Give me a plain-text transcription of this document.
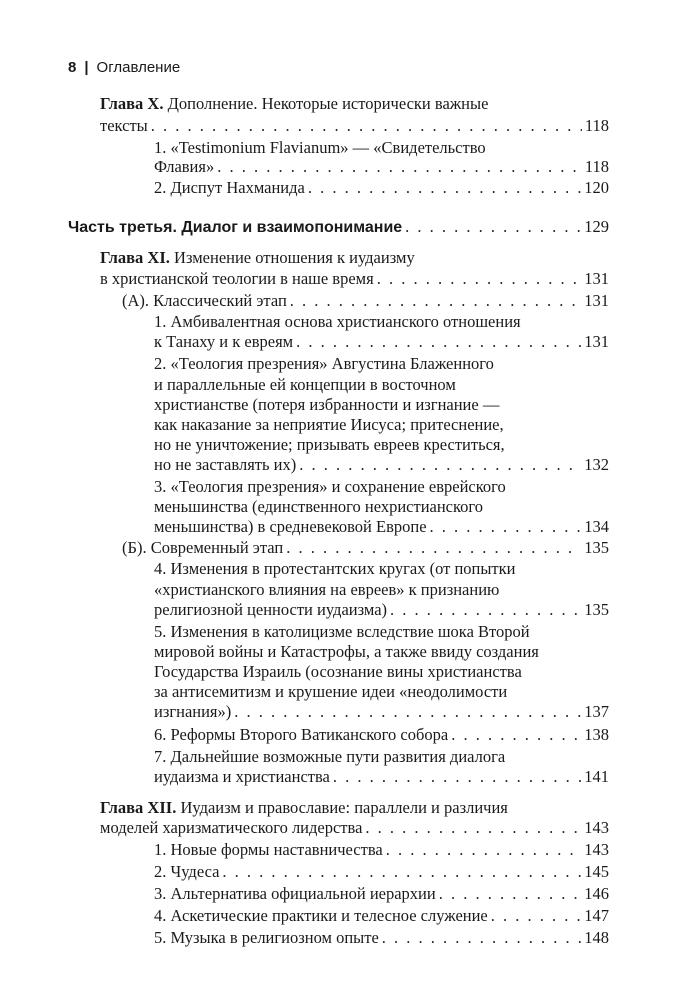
8 | Оглавление
Глава X. Дополнение. Некоторые исторически важные
тексты . . .	118
1. «Testimonium Flavianum» — «Свидетельство
Флавия» . . .	118
2. Диспут Нахманида . . .	120
Часть третья. Диалог и взаимопонимание . . .	129
Глава XI. Изменение отношения к иудаизму
в христианской теологии в наше время . . .	131
(А). Классический этап . . .	131
1. Амбивалентная основа христианского отношения
к Танаху и к евреям . . .	131
2. «Теология презрения» Августина Блаженного
и параллельные ей концепции в восточном
христианстве (потеря избранности и изгнание —
как наказание за неприятие Иисуса; притеснение,
но не уничтожение; призывать евреев креститься,
но не заставлять их) . . .	132
3. «Теология презрения» и сохранение еврейского
меньшинства (единственного нехристианского
меньшинства) в средневековой Европе . . .	134
(Б). Современный этап . . .	135
4. Изменения в протестантских кругах (от попытки
«христианского влияния на евреев» к признанию
религиозной ценности иудаизма) . . .	135
5. Изменения в католицизме вследствие шока Второй
мировой войны и Катастрофы, а также ввиду создания
Государства Израиль (осознание вины христианства
за антисемитизм и крушение идеи «неодолимости
изгнания») . . .	137
6. Реформы Второго Ватиканского собора . . .	138
7. Дальнейшие возможные пути развития диалога
иудаизма и христианства . . .	141
Глава XII. Иудаизм и православие: параллели и различия
моделей харизматического лидерства . . .	143
1. Новые формы наставничества . . .	143
2. Чудеса . . .	145
3. Альтернатива официальной иерархии . . .	146
4. Аскетические практики и телесное служение . . .	147
5. Музыка в религиозном опыте . . .	148
